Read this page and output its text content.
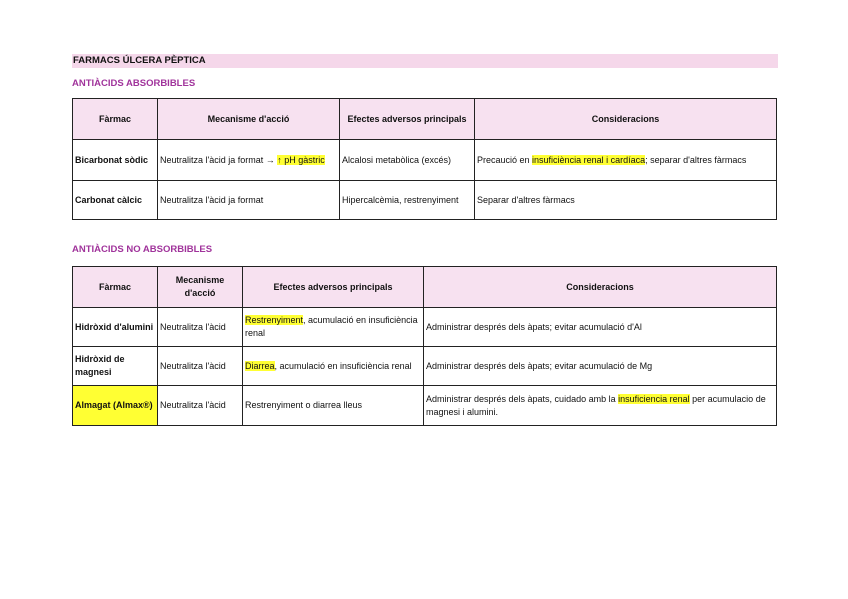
FARMACS ÚLCERA PÈPTICA
ANTIÀCIDS ABSORBIBLES
Fàrmac	Mecanisme d'acció	Efectes adversos principals	Consideracions
Bicarbonat sòdic	Neutralitza l'àcid ja format → ↑ pH gàstric	Alcalosi metabòlica (excés)	Precaució en insuficiència renal i cardíaca; separar d'altres fàrmacs
Carbonat càlcic	Neutralitza l'àcid ja format	Hipercalcèmia, restrenyiment	Separar d'altres fàrmacs
ANTIÀCIDS NO ABSORBIBLES
Fàrmac	Mecanisme d'acció	Efectes adversos principals	Consideracions
Hidròxid d'alumini	Neutralitza l'àcid	Restrenyiment, acumulació en insuficiència renal	Administrar després dels àpats; evitar acumulació d'Al
Hidròxid de magnesi	Neutralitza l'àcid	Diarrea, acumulació en insuficiència renal	Administrar després dels àpats; evitar acumulació de Mg
Almagat (Almax®)	Neutralitza l'àcid	Restrenyiment o diarrea lleus	Administrar després dels àpats, cuidado amb la insuficiencia renal per acumulacio de magnesi i alumini.
